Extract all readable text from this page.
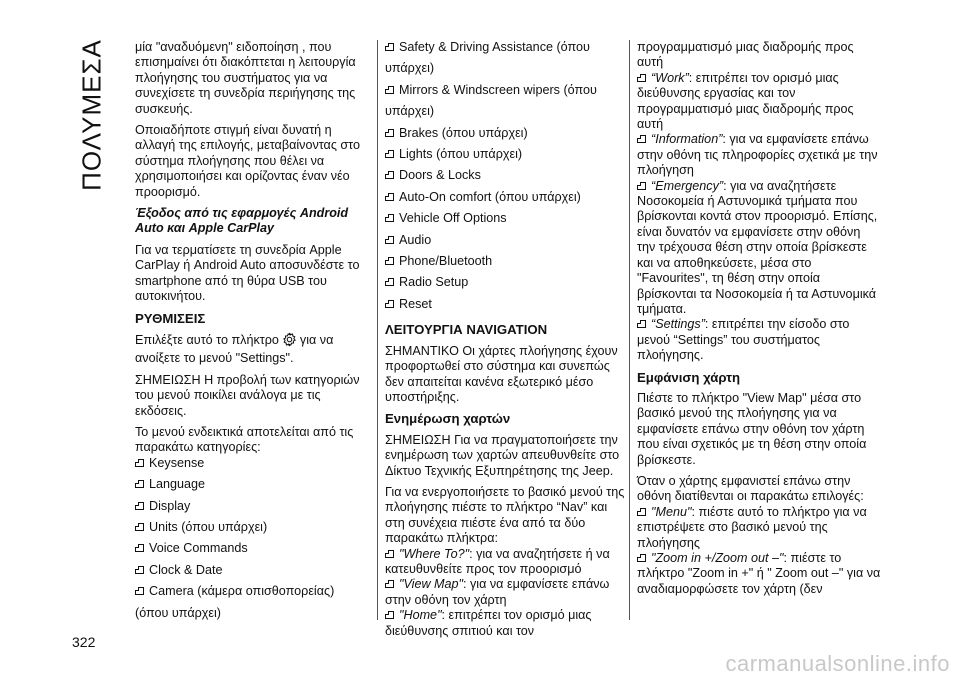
ΠΟΛΥΜΕΣΑ μία "αναδυόμενη" ειδοποίηση , που επισημαίνει ότι διακόπτεται η λειτουργία πλοήγησης του συστήματος για να συνεχίσετε τη συνεδρία περιήγησης της συσκευής.

Οποιαδήποτε στιγμή είναι δυνατή η αλλαγή της επιλογής, μεταβαίνοντας στο σύστημα πλοήγησης που θέλει να χρησιμοποιήσει και ορίζοντας έναν νέο προορισμό.

Έξοδος από τις εφαρμογές Android Auto και Apple CarPlay

Για να τερματίσετε τη συνεδρία Apple CarPlay ή Android Auto αποσυνδέστε το smartphone από τη θύρα USB του αυτοκινήτου.

ΡΥΘΜΙΣΕΙΣ

Επιλέξτε αυτό το πλήκτρο για να ανοίξετε το μενού "Settings".

ΣΗΜΕΙΩΣΗ Η προβολή των κατηγοριών του μενού ποικίλει ανάλογα με τις εκδόσεις.

Το μενού ενδεικτικά αποτελείται από τις παρακάτω κατηγορίες:

Keysense

Language

Display

Units (όπου υπάρχει)

Voice Commands

Clock & Date

Camera (κάμερα οπισθοπορείας)

(όπου υπάρχει)

Safety & Driving Assistance (όπου

υπάρχει)

Mirrors & Windscreen wipers (όπου

υπάρχει)

Brakes (όπου υπάρχει)

Lights (όπου υπάρχει)

Doors & Locks

Auto-On comfort (όπου υπάρχει)

Vehicle Off Options

Audio

Phone/Bluetooth

Radio Setup

Reset

ΛΕΙΤΟΥΡΓΙΑ NAVIGATION

ΣΗΜΑΝΤΙΚΟ Οι χάρτες πλοήγησης έχουν προφορτωθεί στο σύστημα και συνεπώς δεν απαιτείται κανένα εξωτερικό μέσο υποστήριξης.

Ενημέρωση χαρτών

ΣΗΜΕΙΩΣΗ Για να πραγματοποιήσετε την ενημέρωση των χαρτών απευθυνθείτε στο Δίκτυο Τεχνικής Εξυπηρέτησης της Jeep.

Για να ενεργοποιήσετε το βασικό μενού της πλοήγησης πιέστε το πλήκτρο “Nav” και στη συνέχεια πιέστε ένα από τα δύο παρακάτω πλήκτρα:

"Where To?": για να αναζητήσετε ή να κατευθυνθείτε προς τον προορισμό

"View Map": για να εμφανίσετε επάνω στην οθόνη τον χάρτη

"Home": επιτρέπει τον ορισμό μιας διεύθυνσης σπιτιού και τον

προγραμματισμό μιας διαδρομής προς αυτή

“Work”: επιτρέπει τον ορισμό μιας διεύθυνσης εργασίας και τον προγραμματισμό μιας διαδρομής προς αυτή

“Information”: για να εμφανίσετε επάνω στην οθόνη τις πληροφορίες σχετικά με την πλοήγηση

“Emergency”: για να αναζητήσετε Νοσοκομεία ή Αστυνομικά τμήματα που βρίσκονται κοντά στον προορισμό. Επίσης, είναι δυνατόν να εμφανίσετε στην οθόνη την τρέχουσα θέση στην οποία βρίσκεστε και να αποθηκεύσετε, μέσα στο "Favourites", τη θέση στην οποία βρίσκονται τα Νοσοκομεία ή τα Αστυνομικά τμήματα.

“Settings”: επιτρέπει την είσοδο στο μενού “Settings” του συστήματος πλοήγησης.

Εμφάνιση χάρτη

Πιέστε το πλήκτρο "View Map" μέσα στο βασικό μενού της πλοήγησης για να εμφανίσετε επάνω στην οθόνη τον χάρτη που είναι σχετικός με τη θέση στην οποία βρίσκεστε.

Όταν ο χάρτης εμφανιστεί επάνω στην οθόνη διατίθενται οι παρακάτω επιλογές:

"Menu": πιέστε αυτό το πλήκτρο για να επιστρέψετε στο βασικό μενού της πλοήγησης

"Zoom in +/Zoom out –": πιέστε το πλήκτρο "Zoom in +" ή " Zoom out –" για να αναδιαμορφώσετε τον χάρτη (δεν

322
carmanualsonline.info
